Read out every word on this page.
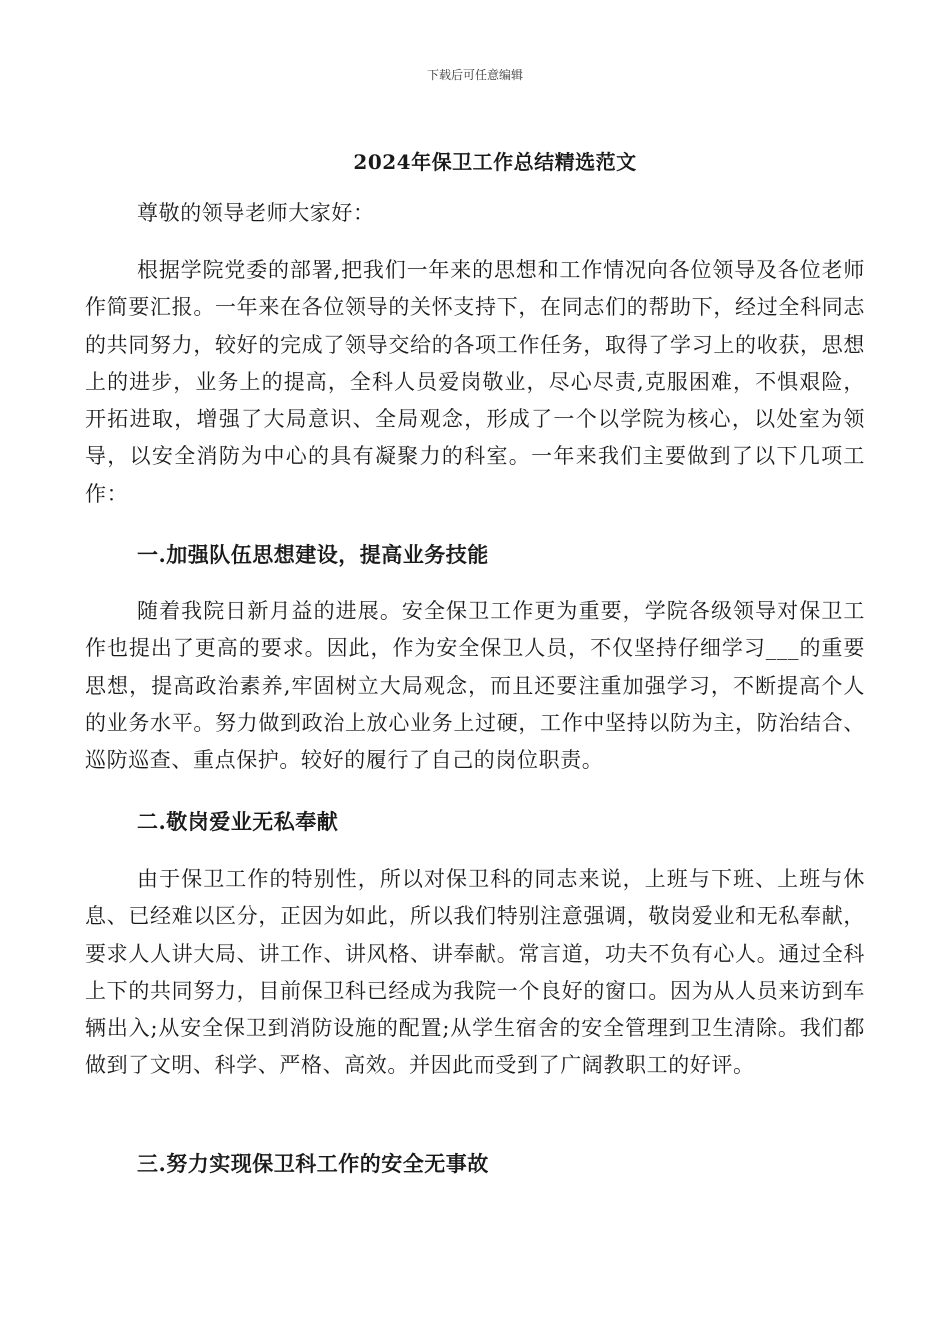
下载后可任意编辑
2024年保卫工作总结精选范文

尊敬的领导老师大家好：

根据学院党委的部署,把我们一年来的思想和工作情况向各位领导及各位老师作简要汇报。一年来在各位领导的关怀支持下，在同志们的帮助下，经过全科同志的共同努力，较好的完成了领导交给的各项工作任务，取得了学习上的收获，思想上的进步，业务上的提高，全科人员爱岗敬业，尽心尽责,克服困难，不惧艰险，开拓进取，增强了大局意识、全局观念，形成了一个以学院为核心，以处室为领导，以安全消防为中心的具有凝聚力的科室。一年来我们主要做到了以下几项工作：

一.加强队伍思想建设，提高业务技能

随着我院日新月益的进展。安全保卫工作更为重要，学院各级领导对保卫工作也提出了更高的要求。因此，作为安全保卫人员，不仅坚持仔细学习___的重要思想，提高政治素养,牢固树立大局观念，而且还要注重加强学习，不断提高个人的业务水平。努力做到政治上放心业务上过硬，工作中坚持以防为主，防治结合、巡防巡查、重点保护。较好的履行了自己的岗位职责。

二.敬岗爱业无私奉献

由于保卫工作的特别性，所以对保卫科的同志来说，上班与下班、上班与休息、已经难以区分，正因为如此，所以我们特别注意强调，敬岗爱业和无私奉献，要求人人讲大局、讲工作、讲风格、讲奉献。常言道，功夫不负有心人。通过全科上下的共同努力，目前保卫科已经成为我院一个良好的窗口。因为从人员来访到车辆出入;从安全保卫到消防设施的配置;从学生宿舍的安全管理到卫生清除。我们都做到了文明、科学、严格、高效。并因此而受到了广阔教职工的好评。

三.努力实现保卫科工作的安全无事故
